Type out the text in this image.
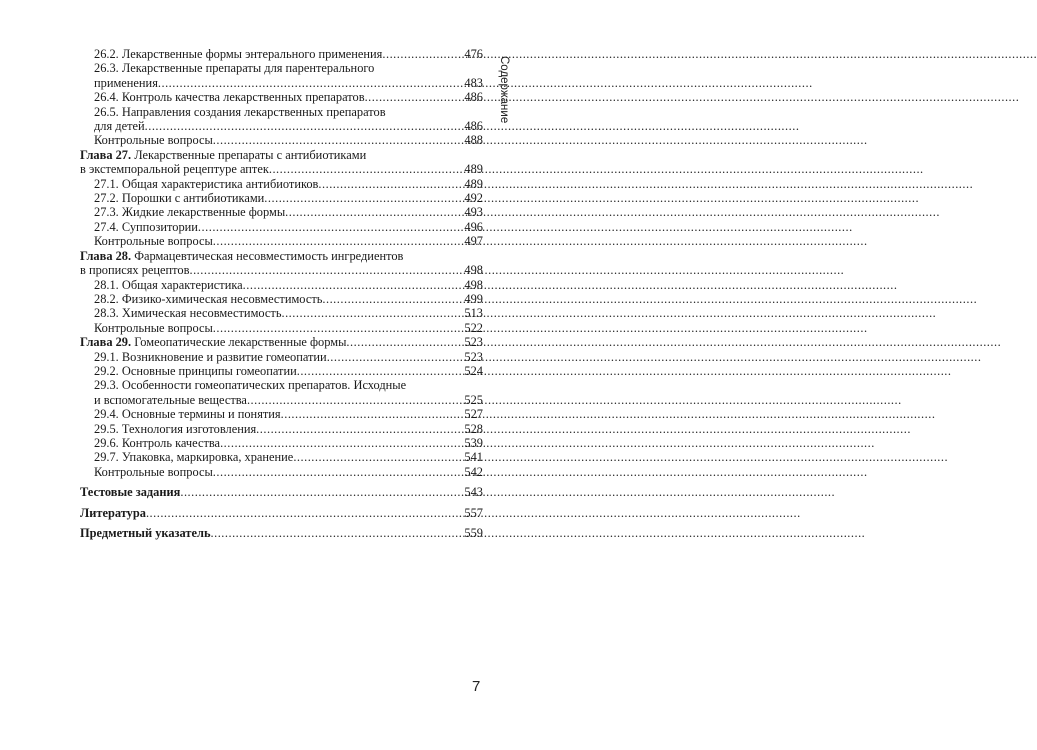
26.2. Лекарственные формы энтерального применения .....	476
26.3. Лекарственные препараты для парентерального
применения .....	483
26.4. Контроль качества лекарственных препаратов .....	486
26.5. Направления создания лекарственных препаратов
для детей .....	486
Контрольные вопросы .....	488
Глава 27. Лекарственные препараты с антибиотиками
в экстемпоральной рецептуре аптек .....	489
27.1. Общая характеристика антибиотиков .....	489
27.2. Порошки с антибиотиками .....	492
27.3. Жидкие лекарственные формы .....	493
27.4. Суппозитории .....	496
Контрольные вопросы .....	497
Глава 28. Фармацевтическая несовместимость ингредиентов
в прописях рецептов .....	498
28.1. Общая характеристика .....	498
28.2. Физико-химическая несовместимость .....	499
28.3. Химическая несовместимость .....	513
Контрольные вопросы .....	522
Глава 29. Гомеопатические лекарственные формы .....	523
29.1. Возникновение и развитие гомеопатии .....	523
29.2. Основные принципы гомеопатии .....	524
29.3. Особенности гомеопатических препаратов. Исходные
и вспомогательные вещества .....	525
29.4. Основные термины и понятия .....	527
29.5. Технология изготовления .....	528
29.6. Контроль качества .....	539
29.7. Упаковка, маркировка, хранение .....	541
Контрольные вопросы .....	542
Тестовые задания .....	543
Литература .....	557
Предметный указатель .....	559
Содержание
7
